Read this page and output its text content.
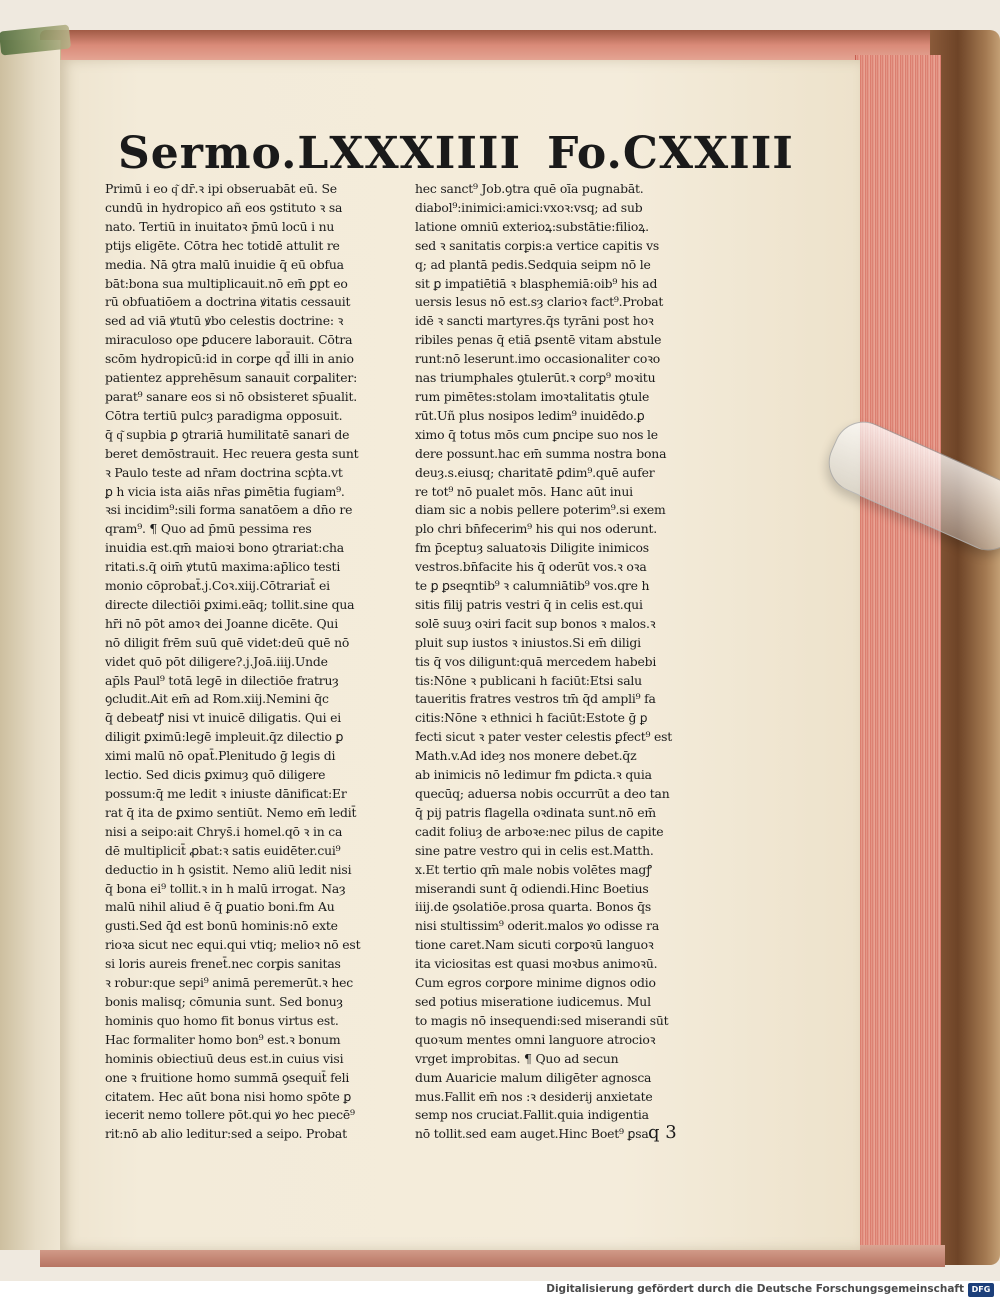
Sermo.LXXXIIII Fo.CXXIII
Primū i eo q͂ dr̄.ꝛ ipi obseruabāt eū. Se
cundū in hydropico añ eos ꝯstituto ꝛ sa
nato. Tertiū in inuitatoꝛ p̄mū locū i nu
ptijs eligēte. Cōtra hec totidē attulit re
media. Nā ꝯtra malū inuidie q̄ eū obfua
bāt:bona sua multiplicauit.nō em̄ ꝑpt eo
rū obfuatiōem a doctrina ꝟitatis cessauit
sed ad viā ꝟtutū ꝟbo celestis doctrine: ꝛ
miraculoso ope ꝑducere laborauit. Cōtra
scōm hydropicū:id in corꝑe qd̄ illi in anio
patientez apprehēsum sanauit corꝑaliter:
parat⁹ sanare eos si nō obsisteret sp̄ualit.
Cōtra tertiū pulcȝ paradigma opposuit.
q̄ q͂ supbia ꝑ ꝯtrariā humilitatē sanari de
beret demōstrauit. Hec reuera gesta sunt
ꝛ Paulo teste ad nr̄am doctrina scṗta.vt
ꝑ h vicia ista aiās nr̄as ꝑimētia fugiam⁹.
ꝛsi incidim⁹:sili forma sanatōem a dn̄o re
qram⁹. ¶ Quo ad p̄mū pessima res
inuidia est.qm̄ maioꝛi bono ꝯtrariat:cha
ritati.s.q̄ oim̄ ꝟtutū maxima:ap̄lico testi
monio cōprobat̄.j.Coꝛ.xiij.Cōtrariat̄ ei
directe dilectiōi ꝑximi.eāq; tollit.sine qua
hr̄i nō pōt amoꝛ dei Joanne dicēte. Qui
nō diligit frēm suū quē videt:deū quē nō
videt quō pōt diligere?.j.Joā.iiij.Unde
ap̄ls Paul⁹ totā legē in dilectiōe fratruȝ
ꝯcludit.Ait em̄ ad Rom.xiij.Nemini q̄c
q̄ debeatꝭ nisi vt inuicē diligatis. Qui ei
diligit ꝑximū:legē impleuit.q̄z dilectio ꝑ
ximi malū nō opat̄.Plenitudo ḡ legis di
lectio. Sed dicis ꝑximuȝ quō diligere
possum:q̄ me ledit ꝛ iniuste dānificat:Er
rat q̄ ita de ꝑximo sentiūt. Nemo em̄ ledit̄
nisi a seipo:ait Chrys̄.i homel.qō ꝛ in ca
dē multiplicit̄ ꝓbat:ꝛ satis euidēter.cui⁹
deductio in h ꝯsistit. Nemo aliū ledit nisi
q̄ bona ei⁹ tollit.ꝛ in h malū irrogat. Naȝ
malū nihil aliud ē q̄ ꝑuatio boni.fm Au
gusti.Sed q̄d est bonū hominis:nō exte
rioꝛa sicut nec equi.qui vtiq; melioꝛ nō est
si loris aureis frenet̄.nec corꝑis sanitas
ꝛ robur:que sepi⁹ animā peremerūt.ꝛ hec
bonis malisq; cōmunia sunt. Sed bonuȝ
hominis quo homo fit bonus virtus est.
Hac formaliter homo bon⁹ est.ꝛ bonum
hominis obiectiuū deus est.in cuius visi
one ꝛ fruitione homo summā ꝯsequit̄ feli
citatem. Hec aūt bona nisi homo spōte ꝑ
iecerit nemo tollere pōt.qui ꝟo hec pıecē⁹
rit:nō ab alio leditur:sed a seipo. Probat
hec sanct⁹ Job.ꝯtra quē oīa pugnabāt.
diabol⁹:inimici:amici:vxoꝛ:vsq; ad sub
latione omniū exterioꝝ:substātie:filioꝝ.
sed ꝛ sanitatis corꝑis:a vertice capitis vs
q; ad plantā pedis.Sedquia seipm nō le
sit ꝑ impatiētiā ꝛ blasphemiā:oib⁹ his ad
uersis lesus nō est.sȝ clarioꝛ fact⁹.Probat
idē ꝛ sancti martyres.q̄s tyrāni post hoꝛ
ribiles penas q̄ etiā ꝑsentē vitam abstule
runt:nō leserunt.imo occasionaliter coꝛo
nas triumphales ꝯtulerūt.ꝛ corꝑ⁹ moꝛitu
rum pimētes:stolam imoꝛtalitatis ꝯtule
rūt.Uñ plus nosipos ledim⁹ inuidēdo.ꝑ
ximo q̄ totus mōs cum ꝑncipe suo nos le
dere possunt.hac em̄ summa nostra bona
deuȝ.s.eiusq; charitatē ꝑdim⁹.quē aufer
re tot⁹ nō pualet mōs. Hanc aūt inui
diam sic a nobis pellere poterim⁹.si exem
plo chri bn̄fecerim⁹ his qui nos oderunt.
fm p̄ceptuȝ saluatoꝛis Diligite inimicos
vestros.bn̄facite his q̄ oderūt vos.ꝛ oꝛa
te ꝑ ꝑseqntib⁹ ꝛ calumniātib⁹ vos.qre h
sitis filij patris vestri q̄ in celis est.qui
solē suuȝ oꝛiri facit sup bonos ꝛ malos.ꝛ
pluit sup iustos ꝛ iniustos.Si em̄ diligi
tis q̄ vos diligunt:quā mercedem habebi
tis:Nōne ꝛ publicani h faciūt:Etsi salu
taueritis fratres vestros tm̄ q̄d ampli⁹ fa
citis:Nōne ꝛ ethnici h faciūt:Estote ḡ ꝑ
fecti sicut ꝛ pater vester celestis ꝑfect⁹ est
Math.v.Ad ideȝ nos monere debet.q̄z
ab inimicis nō ledimur fm ꝑdicta.ꝛ quia
quecūq; aduersa nobis occurrūt a deo tan
q̄ pij patris flagella oꝛdinata sunt.nō em̄
cadit foliuȝ de arboꝛe:nec pilus de capite
sine patre vestro qui in celis est.Matth.
x.Et tertio qm̄ male nobis volētes magꝭ
miserandi sunt q̄ odiendi.Hinc Boetius
iiij.de ꝯsolatiōe.prosa quarta. Bonos q̄s
nisi stultissim⁹ oderit.malos ꝟo odisse ra
tione caret.Nam sicuti corꝑoꝛū languoꝛ
ita viciositas est quasi moꝛbus animoꝛū.
Cum egros corꝑore minime dignos odio
sed potius miseratione iudicemus. Mul
to magis nō insequendi:sed miserandi sūt
quoꝛum mentes omni languore atrocioꝛ
vrget improbitas. ¶ Quo ad secun
dum Auaricie malum diligēter agnosca
mus.Fallit em̄ nos :ꝛ desiderij anxietate
semp nos cruciat.Fallit.quia indigentia
nō tollit.sed eam auget.Hinc Boet⁹ ꝑsa q 3
Digitalisierung gefördert durch die Deutsche Forschungsgemeinschaft DFG
